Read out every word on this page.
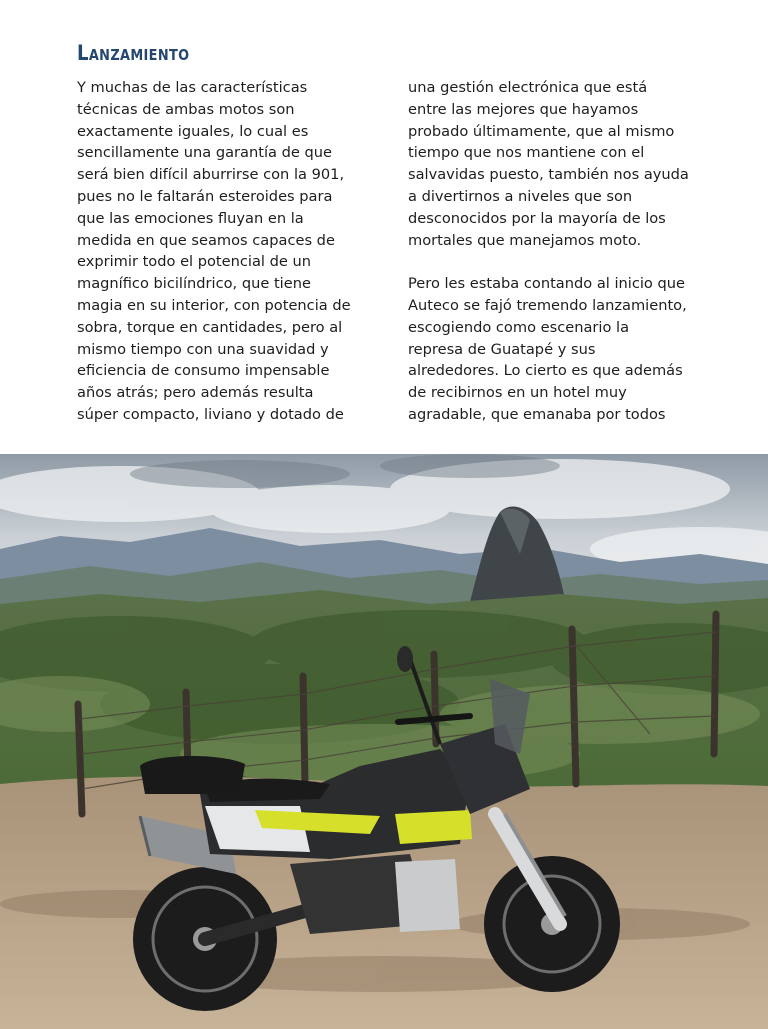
Lanzamiento
Y muchas de las características
técnicas de ambas motos son
exactamente iguales, lo cual es
sencillamente una garantía de que
será bien difícil aburrirse con la 901,
pues no le faltarán esteroides para
que las emociones fluyan en la
medida en que seamos capaces de
exprimir todo el potencial de un
magnífico bicilíndrico, que tiene
magia en su interior, con potencia de
sobra, torque en cantidades, pero al
mismo tiempo con una suavidad y
eficiencia de consumo impensable
años atrás; pero además resulta
súper compacto, liviano y dotado de
una gestión electrónica que está
entre las mejores que hayamos
probado últimamente, que al mismo
tiempo que nos mantiene con el
salvavidas puesto, también nos ayuda
a divertirnos a niveles que son
desconocidos por la mayoría de los
mortales que manejamos moto.
Pero les estaba contando al inicio que
Auteco se fajó tremendo lanzamiento,
escogiendo como escenario la
represa de Guatapé y sus
alrededores. Lo cierto es que además
de recibirnos en un hotel muy
agradable, que emanaba por todos
